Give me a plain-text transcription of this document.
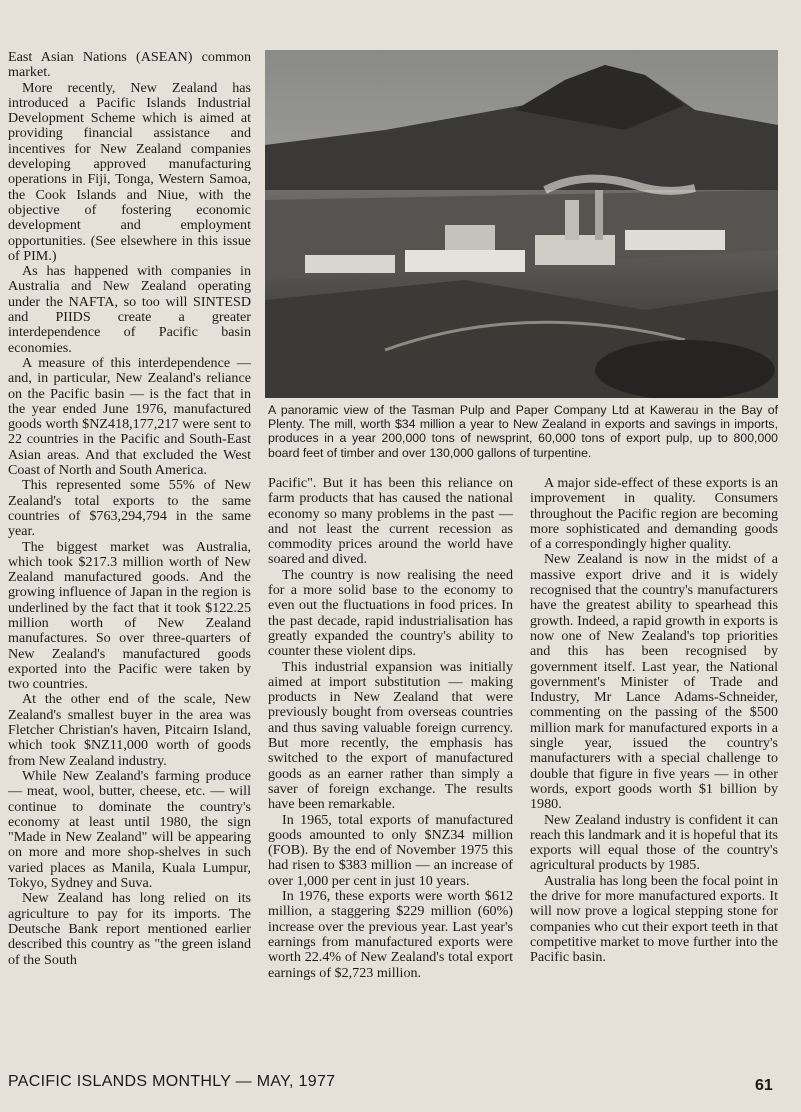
East Asian Nations (ASEAN) common market.

More recently, New Zealand has introduced a Pacific Islands Industrial Development Scheme which is aimed at providing financial assistance and incentives for New Zealand companies developing approved manufacturing operations in Fiji, Tonga, Western Samoa, the Cook Islands and Niue, with the objective of fostering economic development and employment opportunities. (See elsewhere in this issue of PIM.)

As has happened with companies in Australia and New Zealand operating under the NAFTA, so too will SINTESD and PIIDS create a greater interdependence of Pacific basin economies.

A measure of this interdependence — and, in particular, New Zealand's reliance on the Pacific basin — is the fact that in the year ended June 1976, manufactured goods worth $NZ418,177,217 were sent to 22 countries in the Pacific and South-East Asian areas. And that excluded the West Coast of North and South America.

This represented some 55% of New Zealand's total exports to the same countries of $763,294,794 in the same year.

The biggest market was Australia, which took $217.3 million worth of New Zealand manufactured goods. And the growing influence of Japan in the region is underlined by the fact that it took $122.25 million worth of New Zealand manufactures. So over three-quarters of New Zealand's manufactured goods exported into the Pacific were taken by two countries.

At the other end of the scale, New Zealand's smallest buyer in the area was Fletcher Christian's haven, Pitcairn Island, which took $NZ11,000 worth of goods from New Zealand industry.

While New Zealand's farming produce — meat, wool, butter, cheese, etc. — will continue to dominate the country's economy at least until 1980, the sign "Made in New Zealand" will be appearing on more and more shop-shelves in such varied places as Manila, Kuala Lumpur, Tokyo, Sydney and Suva.

New Zealand has long relied on its agriculture to pay for its imports. The Deutsche Bank report mentioned earlier described this country as "the green island of the South

A panoramic view of the Tasman Pulp and Paper Company Ltd at Kawerau in the Bay of Plenty. The mill, worth $34 million a year to New Zealand in exports and savings in imports, produces in a year 200,000 tons of newsprint, 60,000 tons of export pulp, up to 800,000 board feet of timber and over 130,000 gallons of turpentine.

Pacific". But it has been this reliance on farm products that has caused the national economy so many problems in the past — and not least the current recession as commodity prices around the world have soared and dived.

The country is now realising the need for a more solid base to the economy to even out the fluctuations in food prices. In the past decade, rapid industrialisation has greatly expanded the country's ability to counter these violent dips.

This industrial expansion was initially aimed at import substitution — making products in New Zealand that were previously bought from overseas countries and thus saving valuable foreign currency. But more recently, the emphasis has switched to the export of manufactured goods as an earner rather than simply a saver of foreign exchange. The results have been remarkable.

In 1965, total exports of manufactured goods amounted to only $NZ34 million (FOB). By the end of November 1975 this had risen to $383 million — an increase of over 1,000 per cent in just 10 years.

In 1976, these exports were worth $612 million, a staggering $229 million (60%) increase over the previous year. Last year's earnings from manufactured exports were worth 22.4% of New Zealand's total export earnings of $2,723 million.

A major side-effect of these exports is an improvement in quality. Consumers throughout the Pacific region are becoming more sophisticated and demanding goods of a correspondingly higher quality.

New Zealand is now in the midst of a massive export drive and it is widely recognised that the country's manufacturers have the greatest ability to spearhead this growth. Indeed, a rapid growth in exports is now one of New Zealand's top priorities and this has been recognised by government itself. Last year, the National government's Minister of Trade and Industry, Mr Lance Adams-Schneider, commenting on the passing of the $500 million mark for manufactured exports in a single year, issued the country's manufacturers with a special challenge to double that figure in five years — in other words, export goods worth $1 billion by 1980.

New Zealand industry is confident it can reach this landmark and it is hopeful that its exports will equal those of the country's agricultural products by 1985.

Australia has long been the focal point in the drive for more manufactured exports. It will now prove a logical stepping stone for companies who cut their export teeth in that competitive market to move further into the Pacific basin.

PACIFIC ISLANDS MONTHLY — MAY, 1977	61
